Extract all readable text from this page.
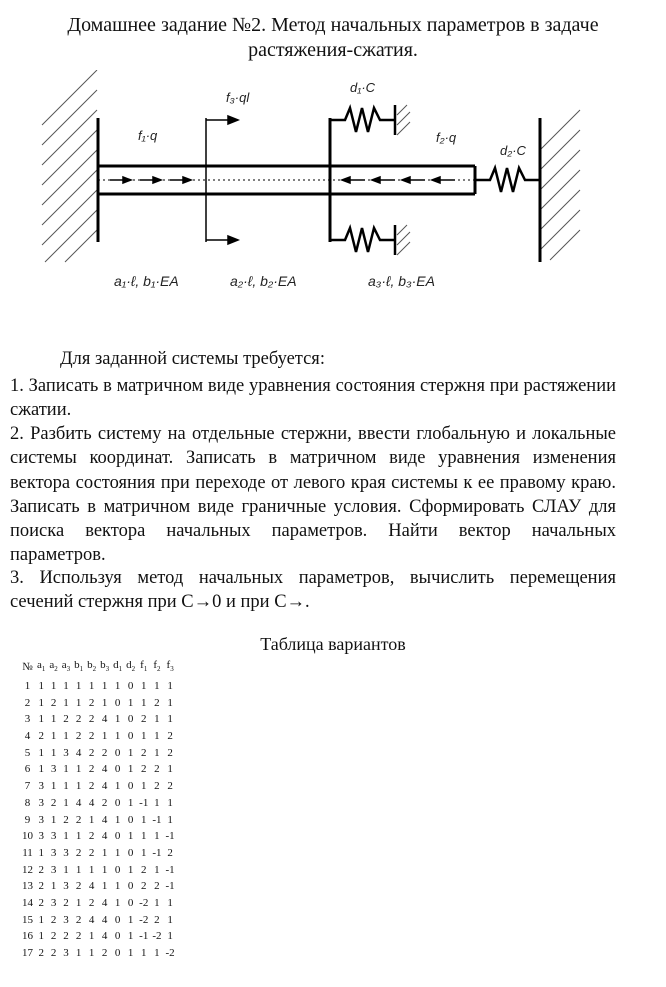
Домашнее задание №2. Метод начальных параметров в задаче
растяжения-сжатия.
f₁·q
f₃·ql
d₁·C
f₂·q
d₂·C
a₁·ℓ, b₁·EA	a₂·ℓ, b₂·EA	a₃·ℓ, b₃·EA
Для заданной системы требуется:
1. Записать в матричном виде уравнения состояния стержня при растяжении сжатии.
2. Разбить систему на отдельные стержни, ввести глобальную и локальные системы координат. Записать в матричном виде уравнения изменения вектора состояния при переходе от левого края системы к ее правому краю. Записать в матричном виде граничные условия. Сформировать СЛАУ для поиска вектора начальных параметров. Найти вектор начальных параметров.
3. Используя метод начальных параметров, вычислить перемещения сечений стержня при С→0 и при С→.
Таблица вариантов
№	$a_1$	$a_2$	$a_3$	$b_1$	$b_2$	$b_3$	$d_1$	$d_2$	$f_1$	$f_2$	$f_3$
1	1	1	1	1	1	1	1	0	1	1	1
2	1	2	1	1	2	1	0	1	1	2	1
3	1	1	2	2	2	4	1	0	2	1	1
4	2	1	1	2	2	1	1	0	1	1	2
5	1	1	3	4	2	2	0	1	2	1	2
6	1	3	1	1	2	4	0	1	2	2	1
7	3	1	1	1	2	4	1	0	1	2	2
8	3	2	1	4	4	2	0	1	-1	1	1
9	3	1	2	2	1	4	1	0	1	-1	1
10	3	3	1	1	2	4	0	1	1	1	-1
11	1	3	3	2	2	1	1	0	1	-1	2
12	2	3	1	1	1	1	0	1	2	1	-1
13	2	1	3	2	4	1	1	0	2	2	-1
14	2	3	2	1	2	4	1	0	-2	1	1
15	1	2	3	2	4	4	0	1	-2	2	1
16	1	2	2	2	1	4	0	1	-1	-2	1
17	2	2	3	1	1	2	0	1	1	1	-2
